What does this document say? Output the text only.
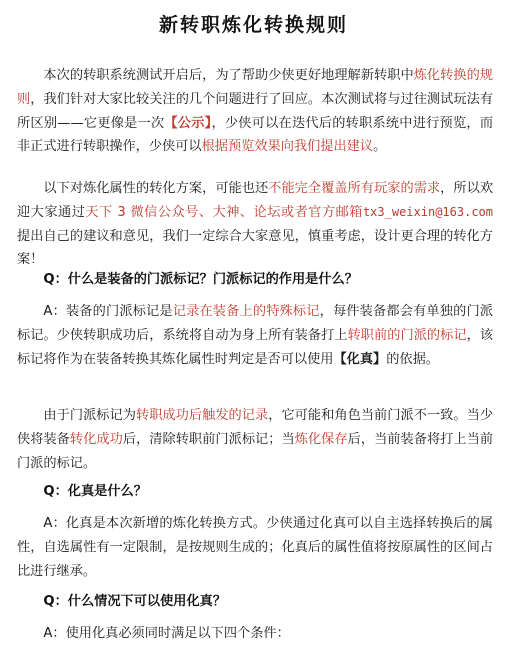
新转职炼化转换规则

本次的转职系统测试开启后，为了帮助少侠更好地理解新转职中炼化转换的规则，我们针对大家比较关注的几个问题进行了回应。本次测试将与过往测试玩法有所区别——它更像是一次【公示】，少侠可以在迭代后的转职系统中进行预览，而非正式进行转职操作，少侠可以根据预览效果向我们提出建议。

以下对炼化属性的转化方案，可能也还不能完全覆盖所有玩家的需求，所以欢迎大家通过天下 3 微信公众号、大神、论坛或者官方邮箱tx3_weixin@163.com 提出自己的建议和意见，我们一定综合大家意见，慎重考虑，设计更合理的转化方案！

Q：什么是装备的门派标记？门派标记的作用是什么？

A：装备的门派标记是记录在装备上的特殊标记，每件装备都会有单独的门派标记。少侠转职成功后，系统将自动为身上所有装备打上转职前的门派的标记，该标记将作为在装备转换其炼化属性时判定是否可以使用【化真】的依据。

由于门派标记为转职成功后触发的记录，它可能和角色当前门派不一致。当少侠将装备转化成功后，清除转职前门派标记；当炼化保存后，当前装备将打上当前门派的标记。

Q：化真是什么？

A：化真是本次新增的炼化转换方式。少侠通过化真可以自主选择转换后的属性，自选属性有一定限制，是按规则生成的；化真后的属性值将按原属性的区间占比进行继承。

Q：什么情况下可以使用化真？

A：使用化真必须同时满足以下四个条件：
